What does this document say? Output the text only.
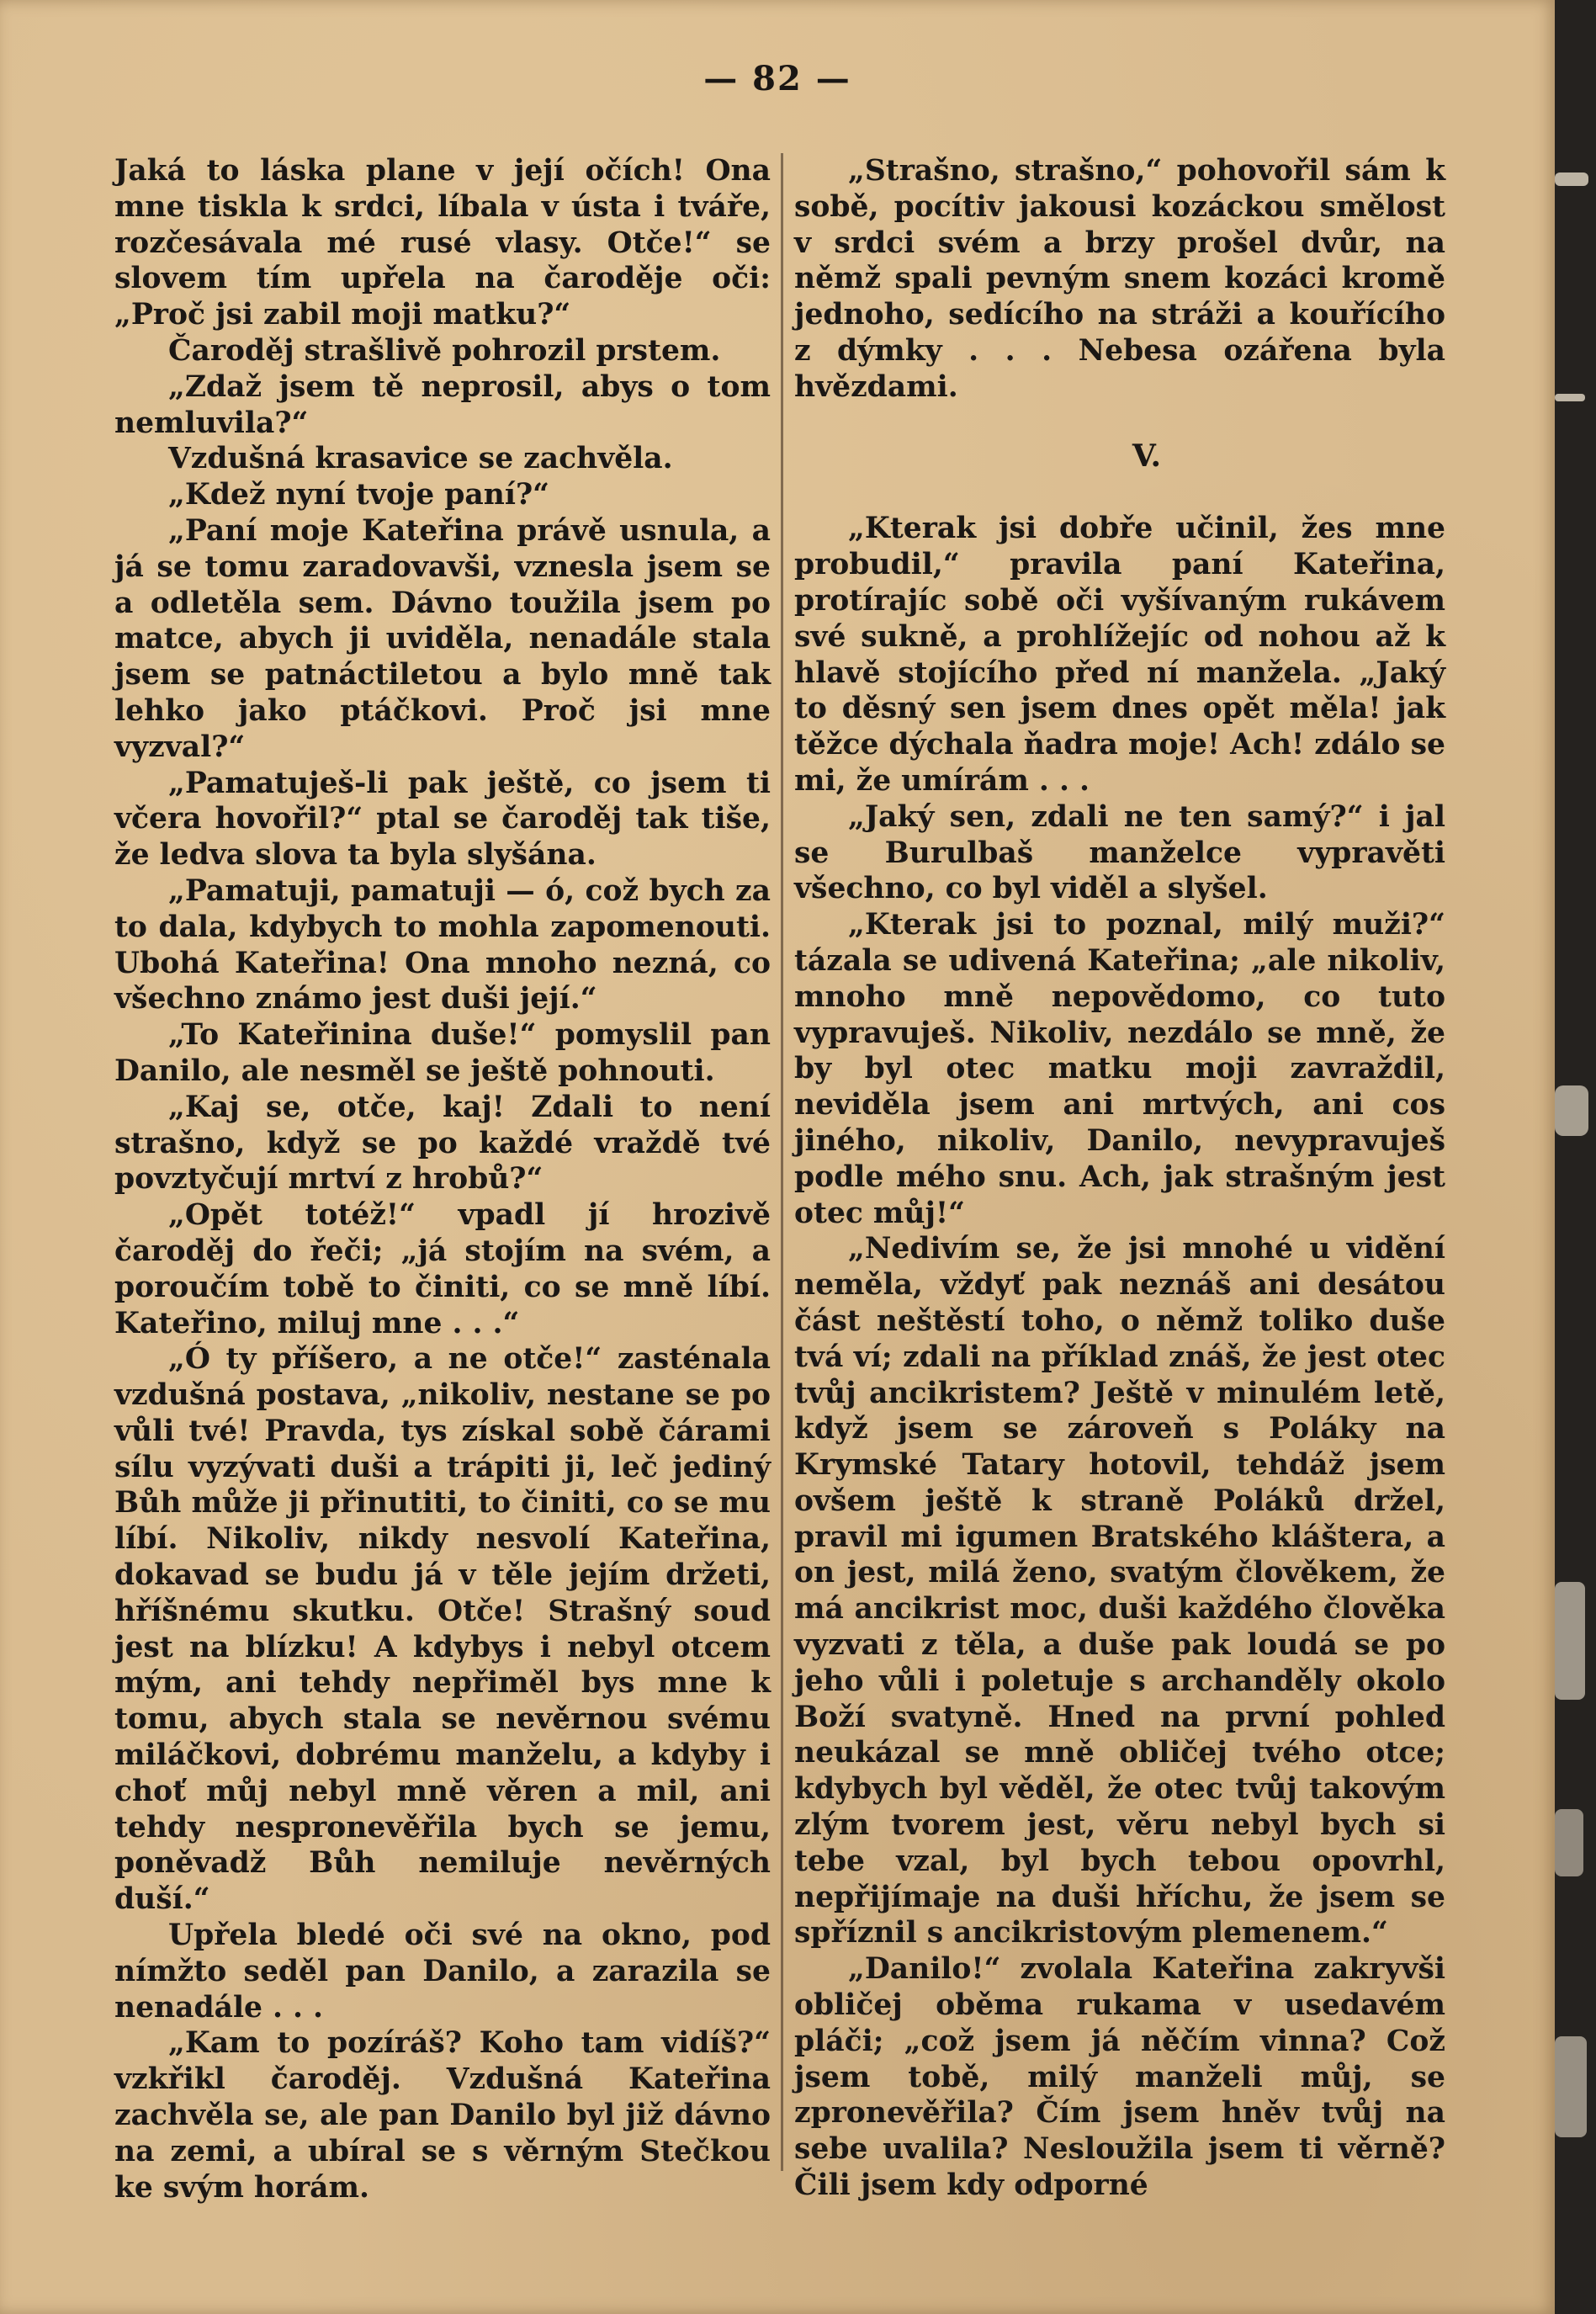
— 82 —

Jaká to láska plane v její očích! Ona mne tiskla k srdci, líbala v ústa i tváře, rozčesávala mé rusé vlasy. Otče!“ se slovem tím upřela na čaroděje oči: „Proč jsi zabil moji matku?“

Čaroděj strašlivě pohrozil prstem.

„Zdaž jsem tě neprosil, abys o tom nemluvila?“

Vzdušná krasavice se zachvěla.

„Kdež nyní tvoje paní?“

„Paní moje Kateřina právě usnula, a já se tomu zaradovavši, vznesla jsem se a odletěla sem. Dávno toužila jsem po matce, abych ji uviděla, nenadále stala jsem se patnáctiletou a bylo mně tak lehko jako ptáčkovi. Proč jsi mne vyzval?“

„Pamatuješ-li pak ještě, co jsem ti včera hovořil?“ ptal se čaroděj tak tiše, že ledva slova ta byla slyšána.

„Pamatuji, pamatuji — ó, což bych za to dala, kdybych to mohla zapomenouti. Ubohá Kateřina! Ona mnoho nezná, co všechno známo jest duši její.“

„To Kateřinina duše!“ pomyslil pan Danilo, ale nesměl se ještě pohnouti.

„Kaj se, otče, kaj! Zdali to není strašno, když se po každé vraždě tvé povztyčují mrtví z hrobů?“

„Opět totéž!“ vpadl jí hrozivě čaroděj do řeči; „já stojím na svém, a poroučím tobě to činiti, co se mně líbí. Kateřino, miluj mne . . .“

„Ó ty příšero, a ne otče!“ zasténala vzdušná postava, „nikoliv, nestane se po vůli tvé! Pravda, tys získal sobě čárami sílu vyzývati duši a trápiti ji, leč jediný Bůh může ji přinutiti, to činiti, co se mu líbí. Nikoliv, nikdy nesvolí Kateřina, dokavad se budu já v těle jejím držeti, hříšnému skutku. Otče! Strašný soud jest na blízku! A kdybys i nebyl otcem mým, ani tehdy nepřiměl bys mne k tomu, abych stala se nevěrnou svému miláčkovi, dobrému manželu, a kdyby i choť můj nebyl mně věren a mil, ani tehdy nespronevěřila bych se jemu, poněvadž Bůh nemiluje nevěrných duší.“

Upřela bledé oči své na okno, pod nímžto seděl pan Danilo, a zarazila se nenadále . . .

„Kam to pozíráš? Koho tam vidíš?“ vzkřikl čaroděj. Vzdušná Kateřina zachvěla se, ale pan Danilo byl již dávno na zemi, a ubíral se s věrným Stečkou ke svým horám.

„Strašno, strašno,“ pohovořil sám k sobě, pocítiv jakousi kozáckou smělost v srdci svém a brzy prošel dvůr, na němž spali pevným snem kozáci kromě jednoho, sedícího na stráži a kouřícího z dýmky . . . Nebesa ozářena byla hvězdami.

V.

„Kterak jsi dobře učinil, žes mne probudil,“ pravila paní Kateřina, protírajíc sobě oči vyšívaným rukávem své sukně, a prohlížejíc od nohou až k hlavě stojícího před ní manžela. „Jaký to děsný sen jsem dnes opět měla! jak těžce dýchala ňadra moje! Ach! zdálo se mi, že umírám . . .

„Jaký sen, zdali ne ten samý?“ i jal se Burulbaš manželce vypravěti všechno, co byl viděl a slyšel.

„Kterak jsi to poznal, milý muži?“ tázala se udivená Kateřina; „ale nikoliv, mnoho mně nepovědomo, co tuto vypravuješ. Nikoliv, nezdálo se mně, že by byl otec matku moji zavraždil, neviděla jsem ani mrtvých, ani cos jiného, nikoliv, Danilo, nevypravuješ podle mého snu. Ach, jak strašným jest otec můj!“

„Nedivím se, že jsi mnohé u vidění neměla, vždyť pak neznáš ani desátou část neštěstí toho, o němž toliko duše tvá ví; zdali na příklad znáš, že jest otec tvůj ancikristem? Ještě v minulém letě, když jsem se zároveň s Poláky na Krymské Tatary hotovil, tehdáž jsem ovšem ještě k straně Poláků držel, pravil mi igumen Bratského kláštera, a on jest, milá ženo, svatým člověkem, že má ancikrist moc, duši každého člověka vyzvati z těla, a duše pak loudá se po jeho vůli i poletuje s archanděly okolo Boží svatyně. Hned na první pohled neukázal se mně obličej tvého otce; kdybych byl věděl, že otec tvůj takovým zlým tvorem jest, věru nebyl bych si tebe vzal, byl bych tebou opovrhl, nepřijímaje na duši hříchu, že jsem se spříznil s ancikristovým plemenem.“

„Danilo!“ zvolala Kateřina zakryvši obličej oběma rukama v usedavém pláči; „což jsem já něčím vinna? Což jsem tobě, milý manželi můj, se zpronevěřila? Čím jsem hněv tvůj na sebe uvalila? Nesloužila jsem ti věrně? Čili jsem kdy odporné
